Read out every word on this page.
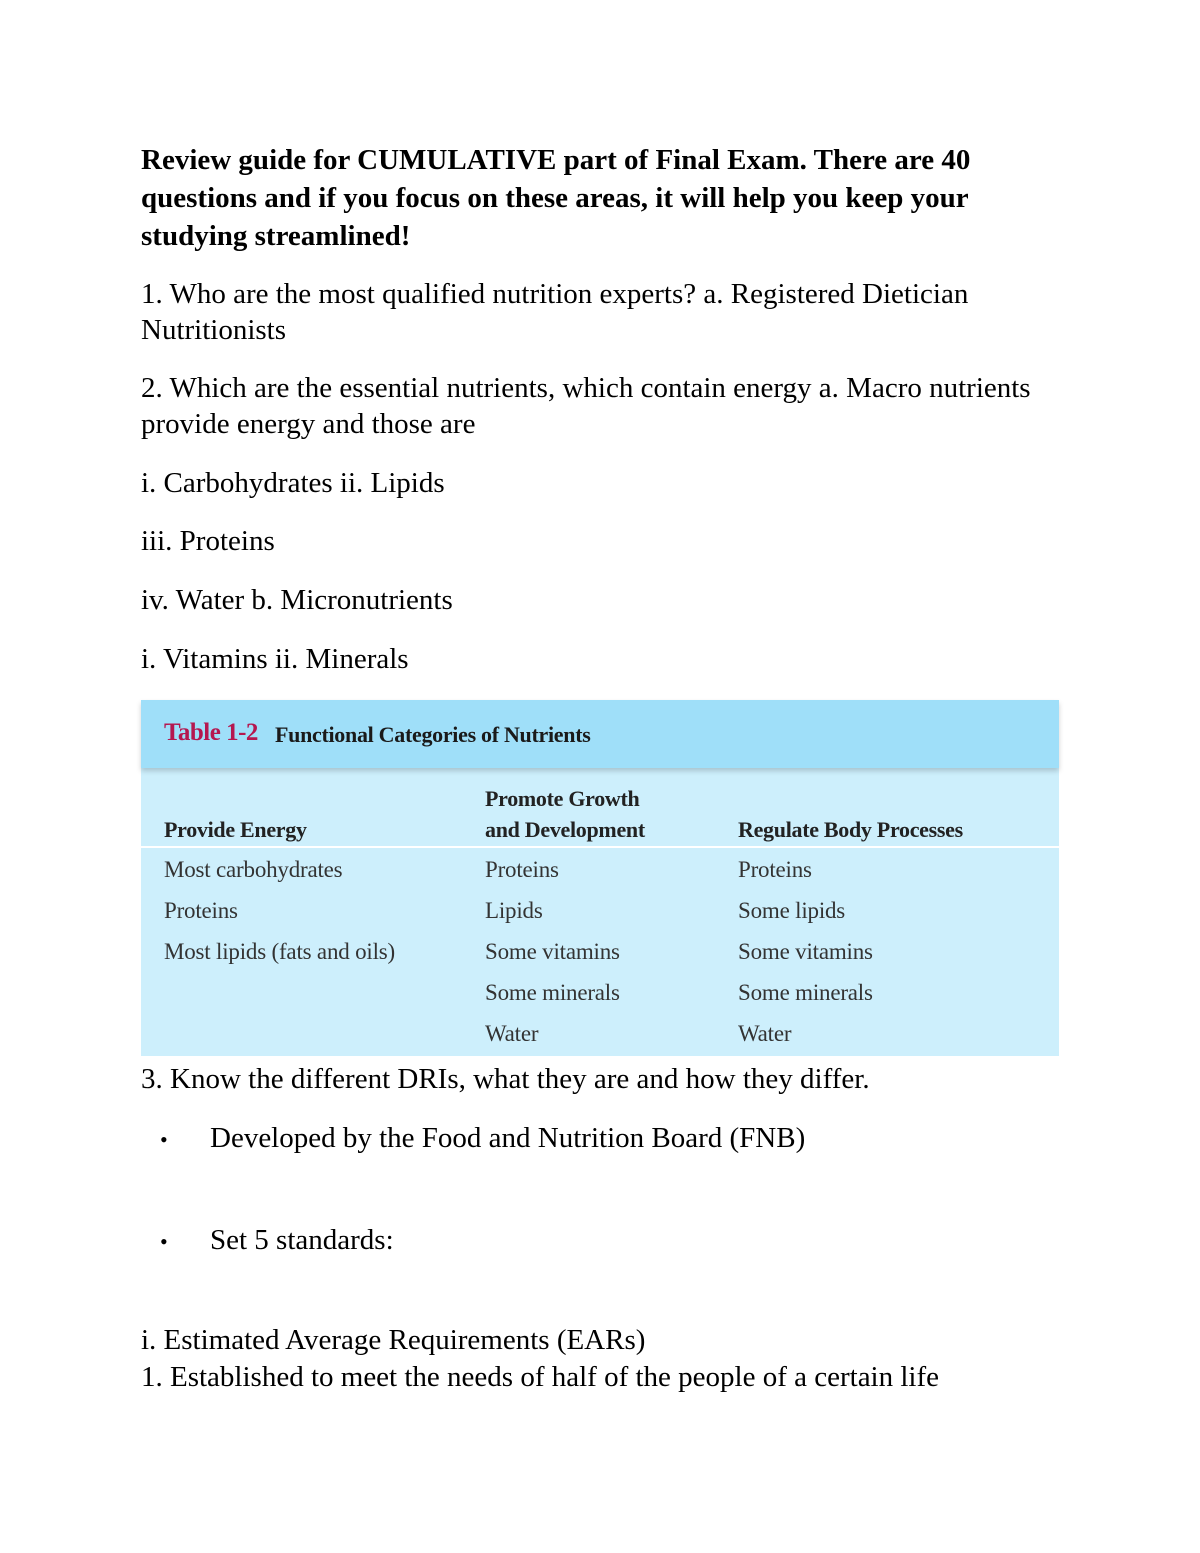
Review guide for CUMULATIVE part of Final Exam. There are 40 questions and if you focus on these areas, it will help you keep your studying streamlined!

1. Who are the most qualified nutrition experts? a. Registered Dietician Nutritionists

2. Which are the essential nutrients, which contain energy a. Macro nutrients provide energy and those are

i. Carbohydrates ii. Lipids

iii. Proteins

iv. Water b. Micronutrients

i. Vitamins ii. Minerals

Table 1-2 Functional Categories of Nutrients

Provide Energy
Promote Growth
and Development
	Regulate Body Processes
Most carbohydrates
Proteins
Most lipids (fats and oils)
Proteins
Lipids
Some vitamins
Some minerals
Water
Proteins
Some lipids
Some vitamins
Some minerals
Water

3. Know the different DRIs, what they are and how they differ.

• Developed by the Food and Nutrition Board (FNB)
• Set 5 standards:

i. Estimated Average Requirements (EARs)

1. Established to meet the needs of half of the people of a certain life
